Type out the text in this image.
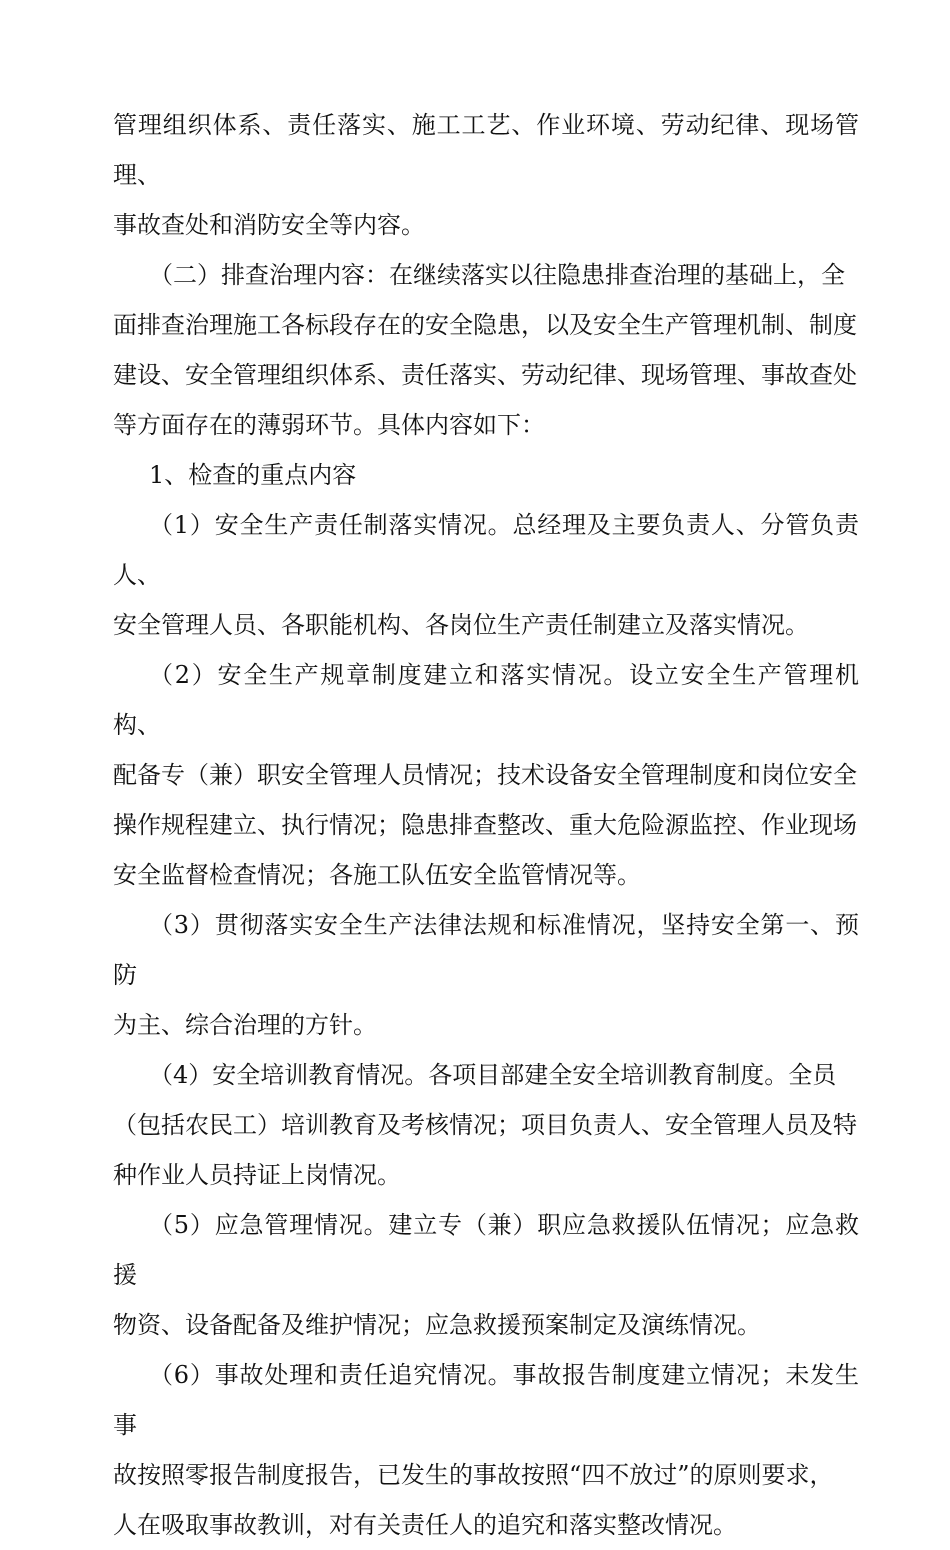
管理组织体系、责任落实、施工工艺、作业环境、劳动纪律、现场管理、
事故查处和消防安全等内容。
（二）排查治理内容：在继续落实以往隐患排查治理的基础上，全
面排查治理施工各标段存在的安全隐患，以及安全生产管理机制、制度
建设、安全管理组织体系、责任落实、劳动纪律、现场管理、事故查处
等方面存在的薄弱环节。具体内容如下：
1、检查的重点内容
（1）安全生产责任制落实情况。总经理及主要负责人、分管负责人、
安全管理人员、各职能机构、各岗位生产责任制建立及落实情况。
（2）安全生产规章制度建立和落实情况。设立安全生产管理机构、
配备专（兼）职安全管理人员情况；技术设备安全管理制度和岗位安全
操作规程建立、执行情况；隐患排查整改、重大危险源监控、作业现场
安全监督检查情况；各施工队伍安全监管情况等。
（3）贯彻落实安全生产法律法规和标准情况，坚持安全第一、预防
为主、综合治理的方针。
（4）安全培训教育情况。各项目部建全安全培训教育制度。全员
（包括农民工）培训教育及考核情况；项目负责人、安全管理人员及特
种作业人员持证上岗情况。
（5）应急管理情况。建立专（兼）职应急救援队伍情况；应急救援
物资、设备配备及维护情况；应急救援预案制定及演练情况。
（6）事故处理和责任追究情况。事故报告制度建立情况；未发生事
故按照零报告制度报告，已发生的事故按照“四不放过”的原则要求，
人在吸取事故教训，对有关责任人的追究和落实整改情况。
